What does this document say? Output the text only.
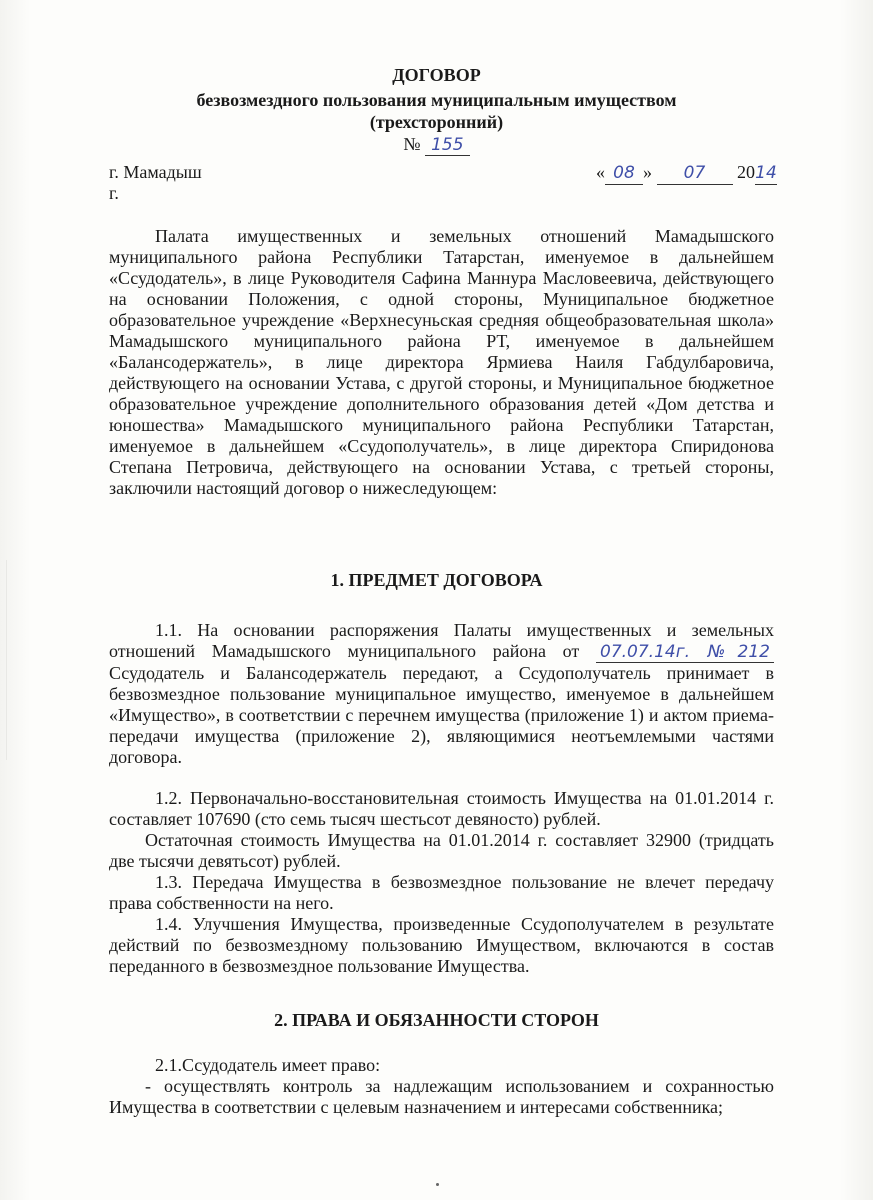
ДОГОВОР
безвозмездного пользования муниципальным имуществом
(трехсторонний)
№ 155
г. Мамадыш
г.
« 08 » 07 2014

Палата имущественных и земельных отношений Мамадышского муниципального района Республики Татарстан, именуемое в дальнейшем «Ссудодатель», в лице Руководителя Сафина Маннура Масловеевича, действующего на основании Положения, с одной стороны, Муниципальное бюджетное образовательное учреждение «Верхнесуньская средняя общеобразовательная школа» Мамадышского муниципального района РТ, именуемое в дальнейшем «Балансодержатель», в лице директора Ярмиева Наиля Габдулбаровича, действующего на основании Устава, с другой стороны, и Муниципальное бюджетное образовательное учреждение дополнительного образования детей «Дом детства и юношества» Мамадышского муниципального района Республики Татарстан, именуемое в дальнейшем «Ссудополучатель», в лице директора Спиридонова Степана Петровича, действующего на основании Устава, с третьей стороны, заключили настоящий договор о нижеследующем:

1. ПРЕДМЕТ ДОГОВОРА

1.1. На основании распоряжения Палаты имущественных и земельных отношений Мамадышского муниципального района от 07.07.14г. №212 Ссудодатель и Балансодержатель передают, а Ссудополучатель принимает в безвозмездное пользование муниципальное имущество, именуемое в дальнейшем «Имущество», в соответствии с перечнем имущества (приложение 1) и актом приема-передачи имущества (приложение 2), являющимися неотъемлемыми частями договора.

1.2. Первоначально-восстановительная стоимость Имущества на 01.01.2014 г. составляет 107690 (сто семь тысяч шестьсот девяносто) рублей.

Остаточная стоимость Имущества на 01.01.2014 г. составляет 32900 (тридцать две тысячи девятьсот) рублей.

1.3. Передача Имущества в безвозмездное пользование не влечет передачу права собственности на него.

1.4. Улучшения Имущества, произведенные Ссудополучателем в результате действий по безвозмездному пользованию Имуществом, включаются в состав переданного в безвозмездное пользование Имущества.

2. ПРАВА И ОБЯЗАННОСТИ СТОРОН

2.1.Ссудодатель имеет право:

- осуществлять контроль за надлежащим использованием и сохранностью Имущества в соответствии с целевым назначением и интересами собственника;
